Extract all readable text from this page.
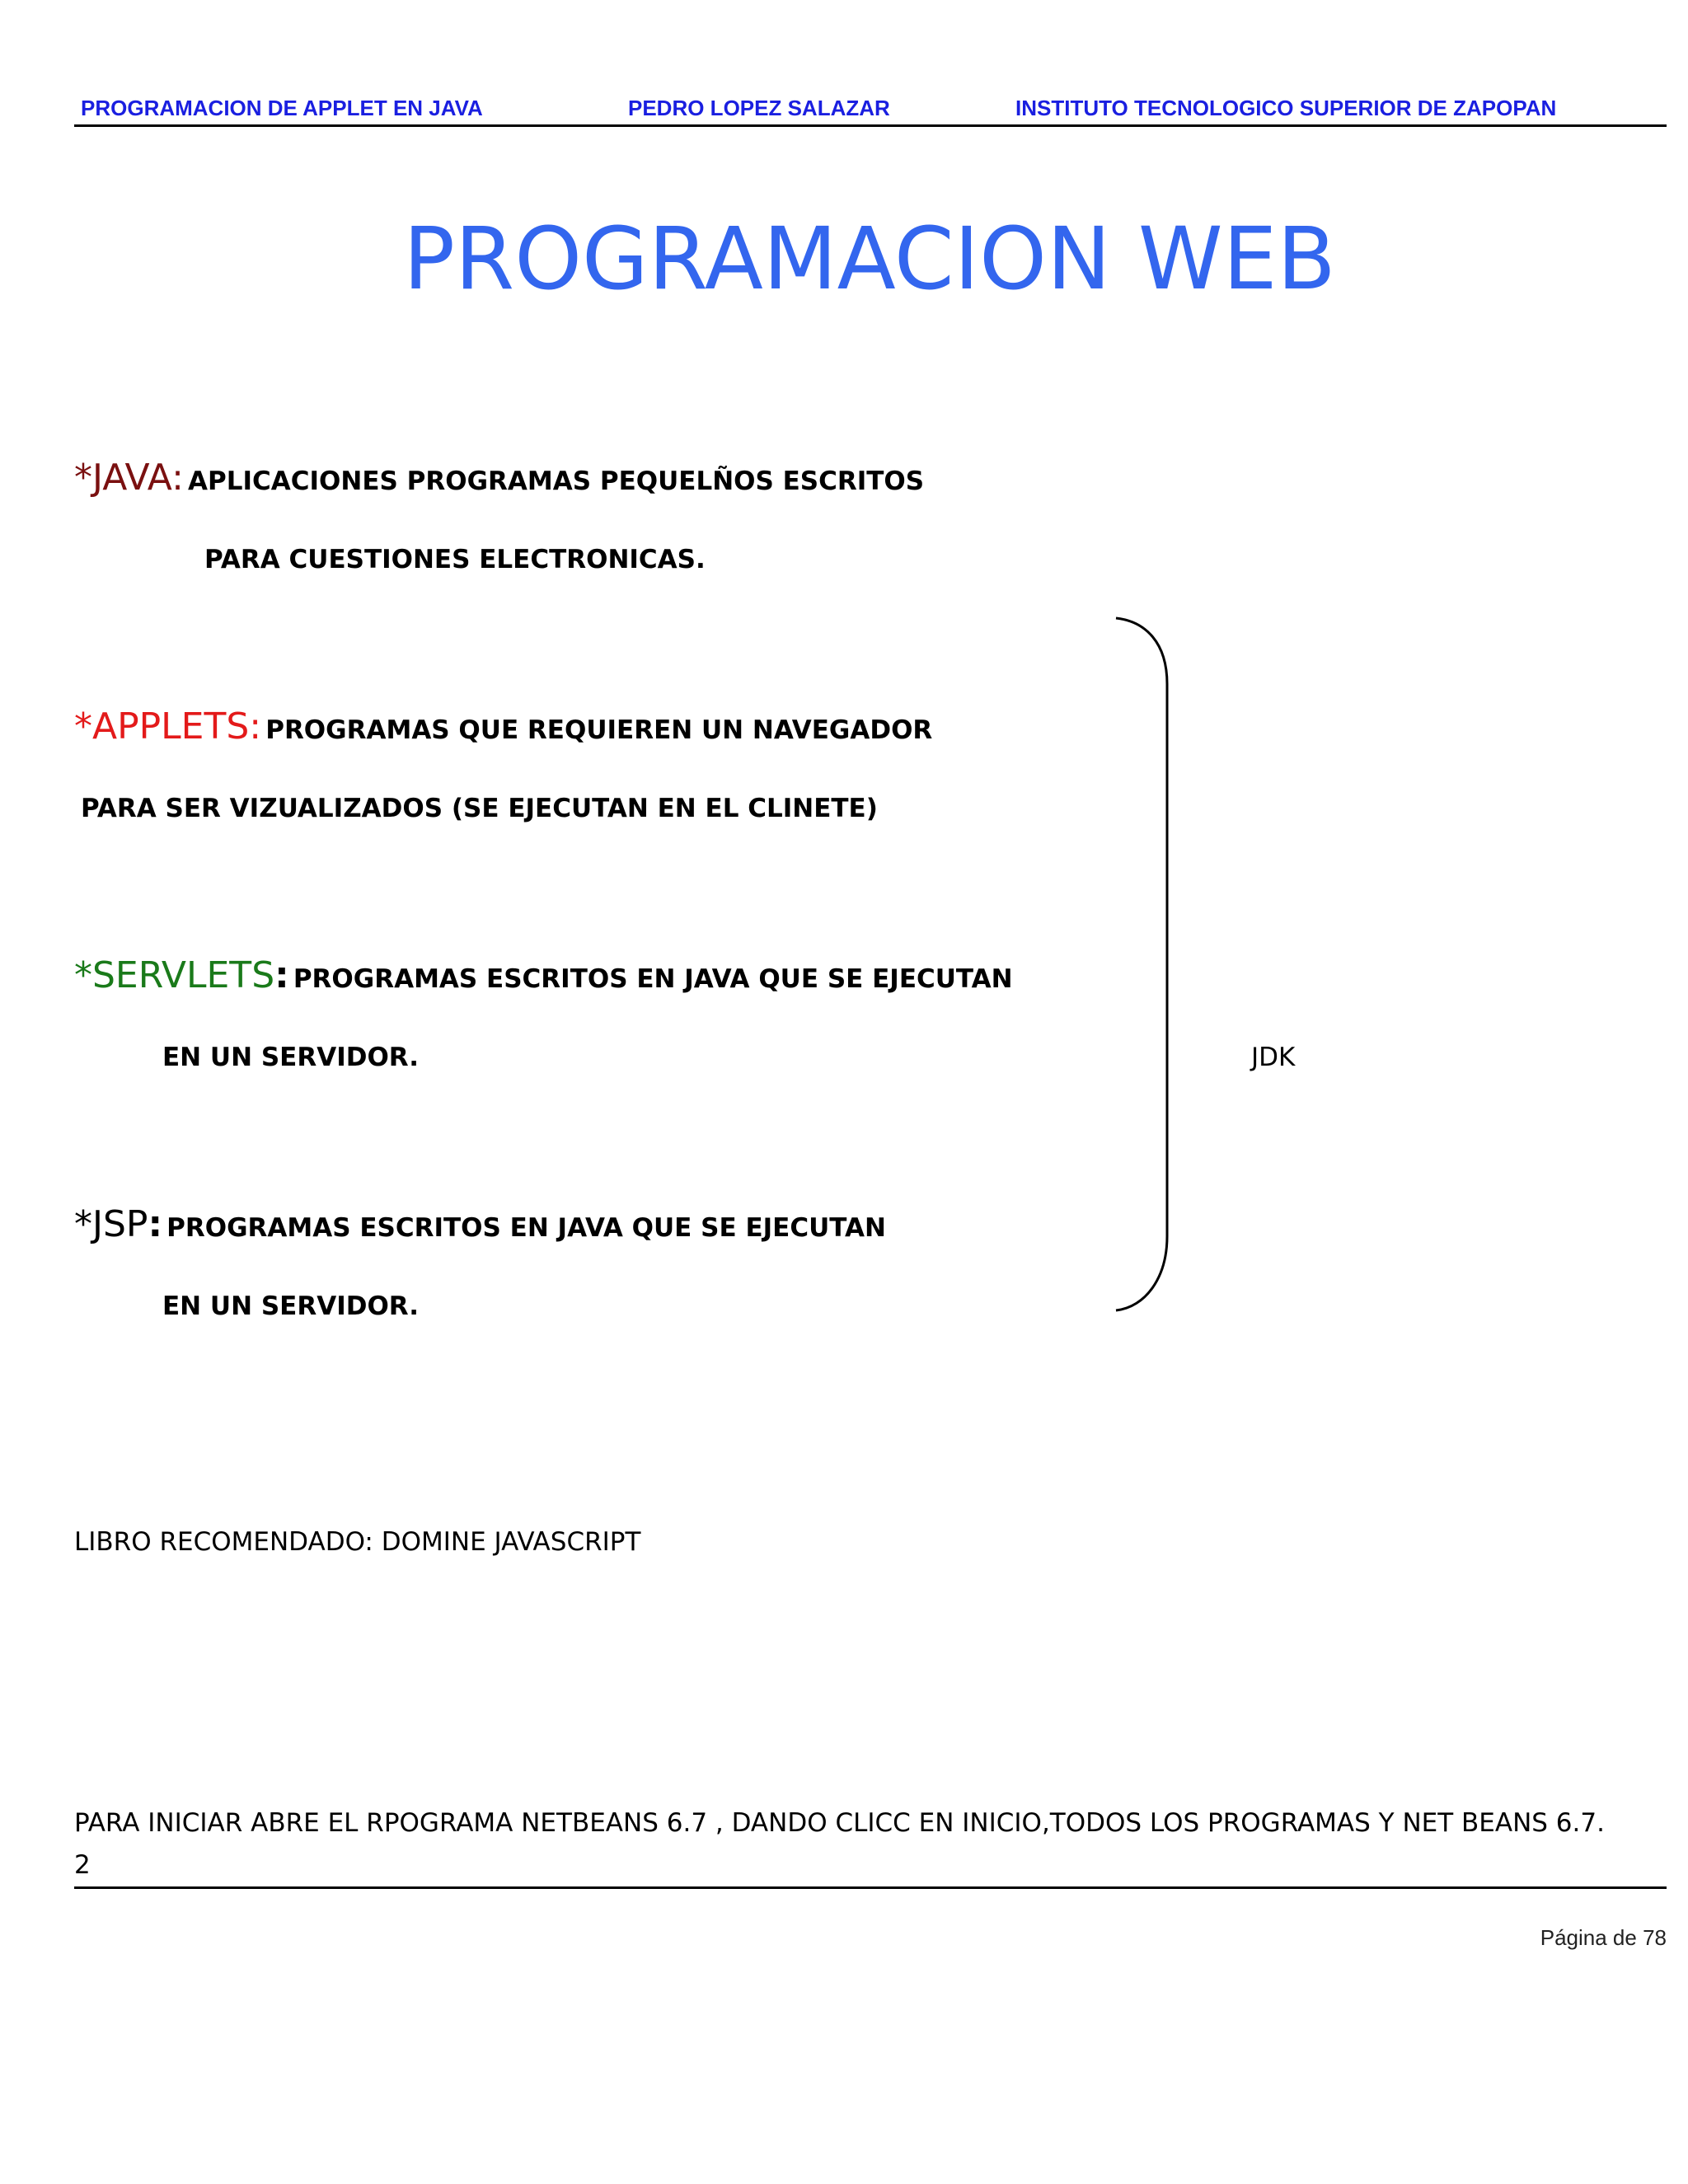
PROGRAMACION DE APPLET EN JAVA	PEDRO LOPEZ SALAZAR	INSTITUTO TECNOLOGICO SUPERIOR DE ZAPOPAN
PROGRAMACION WEB
*JAVA: APLICACIONES PROGRAMAS PEQUELÑOS ESCRITOS
PARA CUESTIONES ELECTRONICAS.
*APPLETS: PROGRAMAS QUE REQUIEREN UN NAVEGADOR
PARA SER VIZUALIZADOS (SE EJECUTAN EN EL CLINETE)
*SERVLETS: PROGRAMAS ESCRITOS EN JAVA QUE SE EJECUTAN
EN UN SERVIDOR.
*JSP: PROGRAMAS ESCRITOS EN JAVA QUE SE EJECUTAN
EN UN SERVIDOR.
JDK
LIBRO RECOMENDADO: DOMINE JAVASCRIPT
PARA INICIAR ABRE EL RPOGRAMA NETBEANS 6.7 , DANDO CLICC EN INICIO,TODOS LOS PROGRAMAS Y NET BEANS 6.7.
2
Página de 78
